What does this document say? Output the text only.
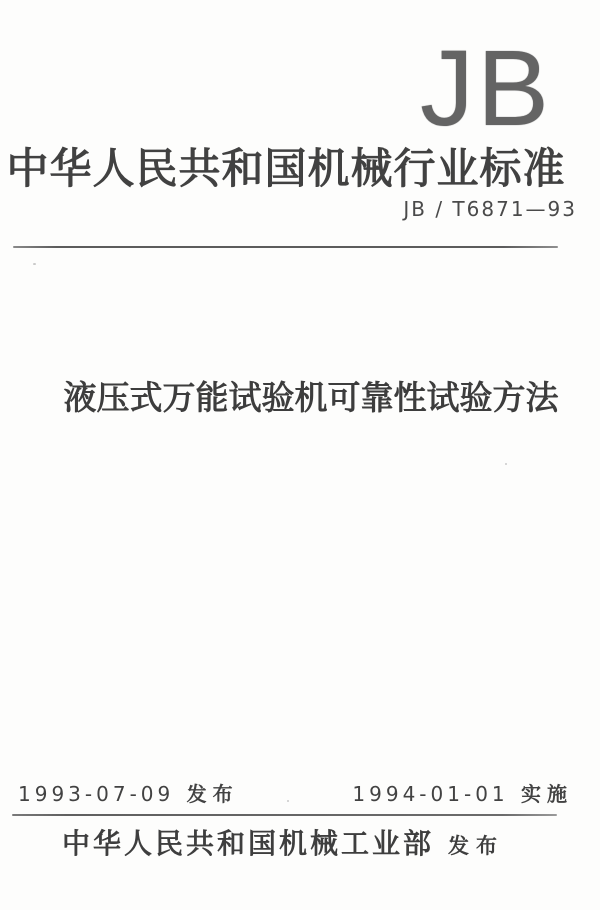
JB
中华人民共和国机械行业标准
JB / T6871—93
液压式万能试验机可靠性试验方法
1993-07-09 发布	1994-01-01 实施
中华人民共和国机械工业部 发布
